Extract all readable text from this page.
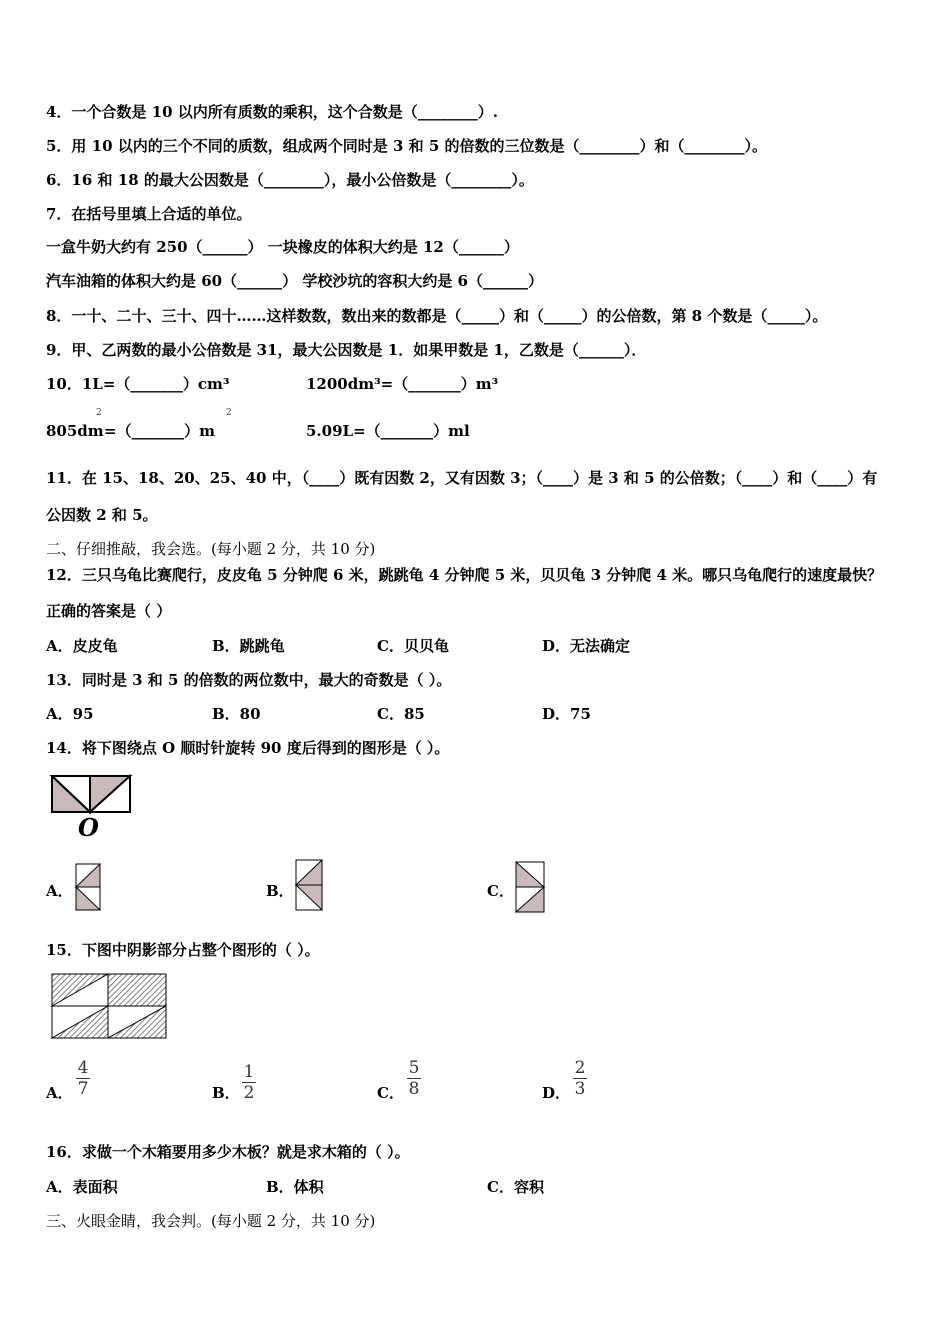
4．一个合数是 10 以内所有质数的乘积，这个合数是（________）.
5．用 10 以内的三个不同的质数，组成两个同时是 3 和 5 的倍数的三位数是（________）和（________）。
6．16 和 18 的最大公因数是（________），最小公倍数是（________）。
7．在括号里填上合适的单位。
一盒牛奶大约有 250（______） 一块橡皮的体积大约是 12（______）
汽车油箱的体积大约是 60（______） 学校沙坑的容积大约是 6（______）
8．一十、二十、三十、四十……这样数数，数出来的数都是（_____）和（_____）的公倍数，第 8 个数是（_____）。
9．甲、乙两数的最小公倍数是 31，最大公因数是 1．如果甲数是 1，乙数是（______）．
10．1L=（_______）cm³	1200dm³=（_______）m³
2
805dm =（_______）m
2
5.09L=（_______）ml
11．在 15、18、20、25、40 中，（____）既有因数 2，又有因数 3；（____）是 3 和 5 的公倍数；（____）和（____）有
公因数 2 和 5。
二、仔细推敲，我会选。(每小题 2 分，共 10 分)
12．三只乌龟比赛爬行，皮皮龟 5 分钟爬 6 米，跳跳龟 4 分钟爬 5 米，贝贝龟 3 分钟爬 4 米。哪只乌龟爬行的速度最快？
正确的答案是（ ）
A．皮皮龟	B．跳跳龟	C．贝贝龟	D．无法确定
13．同时是 3 和 5 的倍数的两位数中，最大的奇数是（ ）。
A．95	B．80	C．85	D．75
14．将下图绕点 O 顺时针旋转 90 度后得到的图形是（ ）。
O
A．	B．	C．
15．下图中阴影部分占整个图形的（ ）。
A．
4
7	B．
1
2	C．
5
8	D．
2
3
16．求做一个木箱要用多少木板？就是求木箱的（ ）。
A．表面积	B．体积	C．容积
三、火眼金睛，我会判。(每小题 2 分，共 10 分)
